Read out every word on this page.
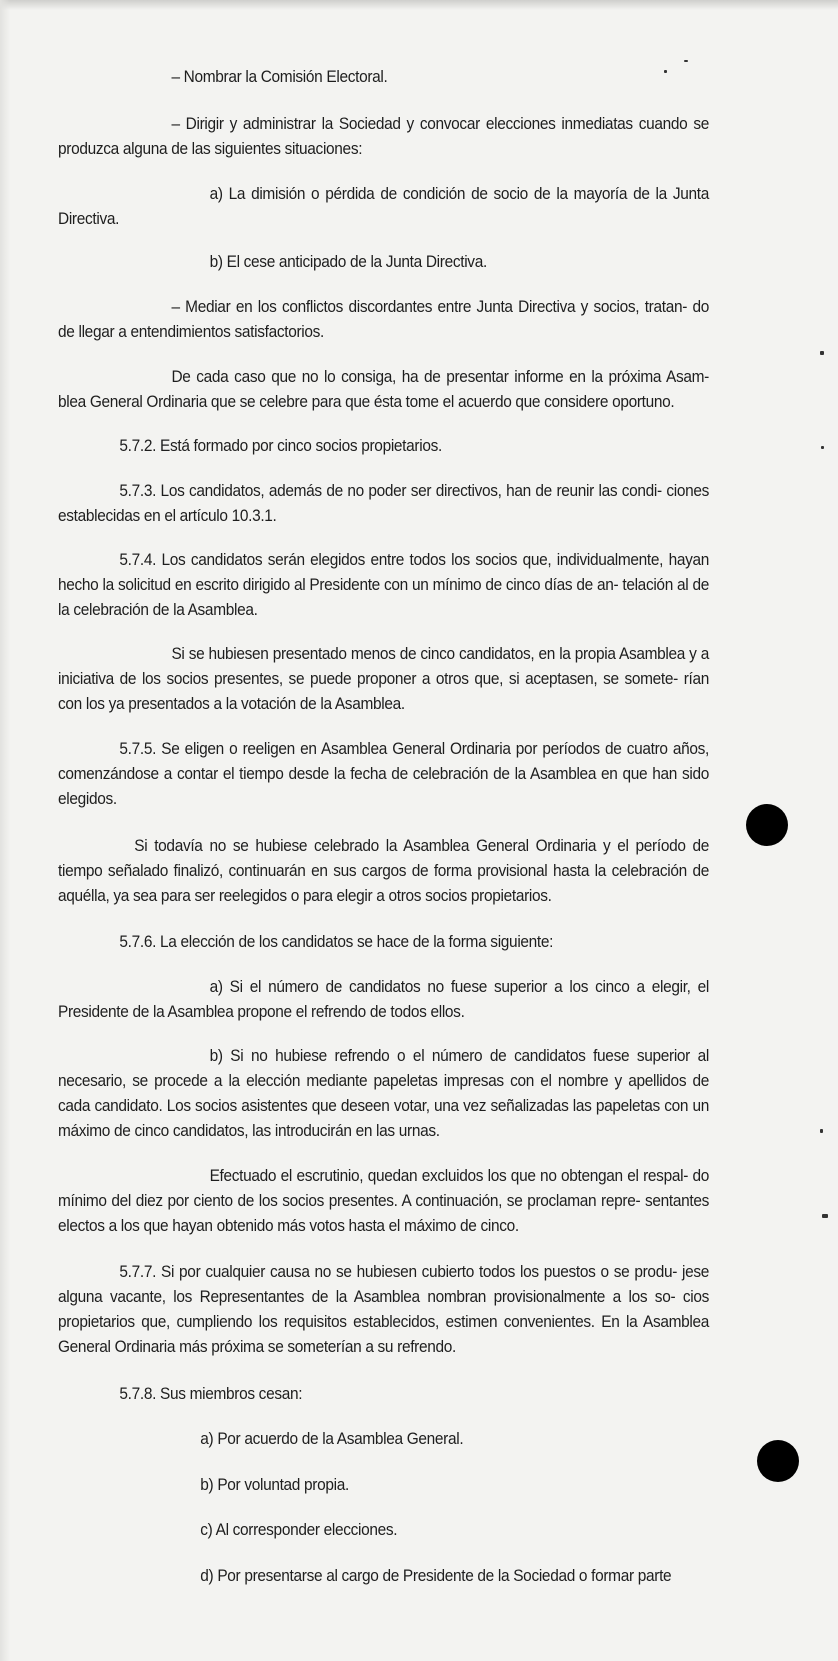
– Nombrar la Comisión Electoral.

– Dirigir y administrar la Sociedad y convocar elecciones inmediatas cuando se produzca alguna de las siguientes situaciones:

a) La dimisión o pérdida de condición de socio de la mayoría de la Junta Directiva.

b) El cese anticipado de la Junta Directiva.

– Mediar en los conflictos discordantes entre Junta Directiva y socios, tratan- do de llegar a entendimientos satisfactorios.

De cada caso que no lo consiga, ha de presentar informe en la próxima Asam- blea General Ordinaria que se celebre para que ésta tome el acuerdo que considere oportuno.

5.7.2. Está formado por cinco socios propietarios.

5.7.3. Los candidatos, además de no poder ser directivos, han de reunir las condi- ciones establecidas en el artículo 10.3.1.

5.7.4. Los candidatos serán elegidos entre todos los socios que, individualmente, hayan hecho la solicitud en escrito dirigido al Presidente con un mínimo de cinco días de an- telación al de la celebración de la Asamblea.

Si se hubiesen presentado menos de cinco candidatos, en la propia Asamblea y a iniciativa de los socios presentes, se puede proponer a otros que, si aceptasen, se somete- rían con los ya presentados a la votación de la Asamblea.

5.7.5. Se eligen o reeligen en Asamblea General Ordinaria por períodos de cuatro años, comenzándose a contar el tiempo desde la fecha de celebración de la Asamblea en que han sido elegidos.

Si todavía no se hubiese celebrado la Asamblea General Ordinaria y el período de tiempo señalado finalizó, continuarán en sus cargos de forma provisional hasta la celebración de aquélla, ya sea para ser reelegidos o para elegir a otros socios propietarios.

5.7.6. La elección de los candidatos se hace de la forma siguiente:

a) Si el número de candidatos no fuese superior a los cinco a elegir, el Presidente de la Asamblea propone el refrendo de todos ellos.

b) Si no hubiese refrendo o el número de candidatos fuese superior al necesario, se procede a la elección mediante papeletas impresas con el nombre y apellidos de cada candidato. Los socios asistentes que deseen votar, una vez señalizadas las papeletas con un máximo de cinco candidatos, las introducirán en las urnas.

Efectuado el escrutinio, quedan excluidos los que no obtengan el respal- do mínimo del diez por ciento de los socios presentes. A continuación, se proclaman repre- sentantes electos a los que hayan obtenido más votos hasta el máximo de cinco.

5.7.7. Si por cualquier causa no se hubiesen cubierto todos los puestos o se produ- jese alguna vacante, los Representantes de la Asamblea nombran provisionalmente a los so- cios propietarios que, cumpliendo los requisitos establecidos, estimen convenientes. En la Asamblea General Ordinaria más próxima se someterían a su refrendo.

5.7.8. Sus miembros cesan:

a) Por acuerdo de la Asamblea General.

b) Por voluntad propia.

c) Al corresponder elecciones.

d) Por presentarse al cargo de Presidente de la Sociedad o formar parte
